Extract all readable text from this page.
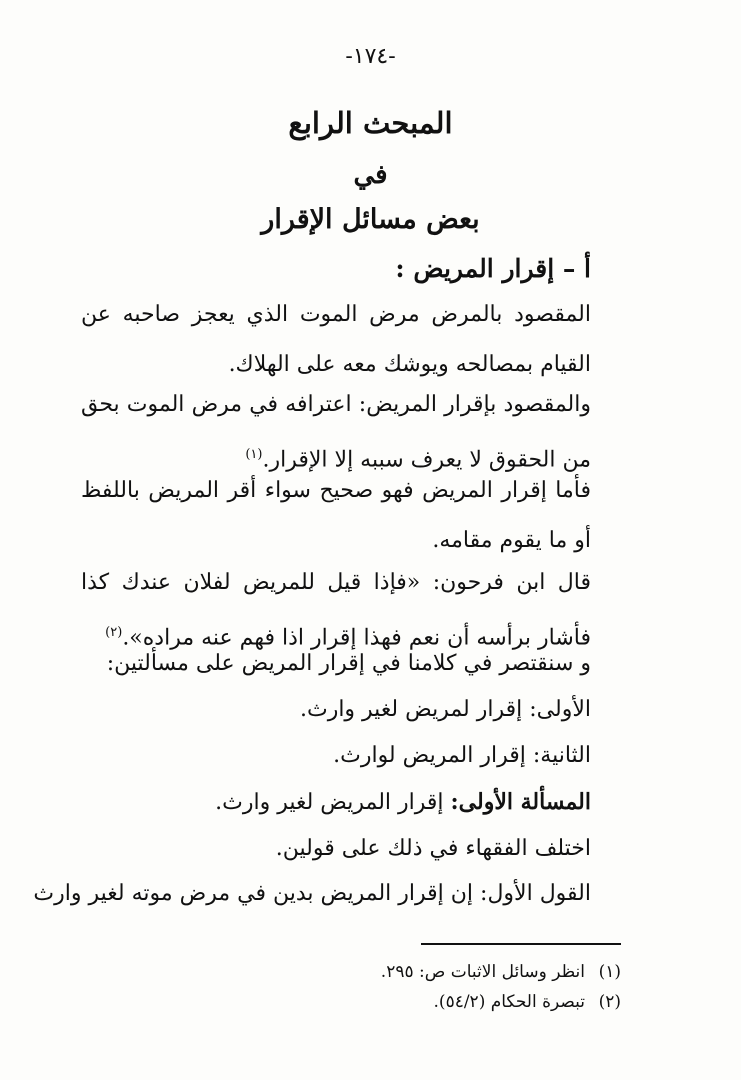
-١٧٤-
المبحث الرابع
في
بعض مسائل الإقرار
أ – إقرار المريض :
المقصود بالمرض مرض الموت الذي يعجز صاحبه عن القيام بمصالحه ويوشك معه على الهلاك.
والمقصود بإقرار المريض: اعترافه في مرض الموت بحق من الحقوق لا يعرف سببه إلا الإقرار.$^{(١)}$
فأما إقرار المريض فهو صحيح سواء أقر المريض باللفظ أو ما يقوم مقامه.
قال ابن فرحون: «فإذا قيل للمريض لفلان عندك كذا فأشار برأسه أن نعم فهذا إقرار اذا فهم عنه مراده».$^{(٢)}$
و سنقتصر في كلامنا في إقرار المريض على مسألتين:
الأولى: إقرار لمريض لغير وارث.
الثانية: إقرار المريض لوارث.
المسألة الأولى: إقرار المريض لغير وارث.
اختلف الفقهاء في ذلك على قولين.
القول الأول: إن إقرار المريض بدين في مرض موته لغير وارث
(١)انظر وسائل الاثبات ص: ٢٩٥.
(٢)تبصرة الحكام (٥٤/٢).
